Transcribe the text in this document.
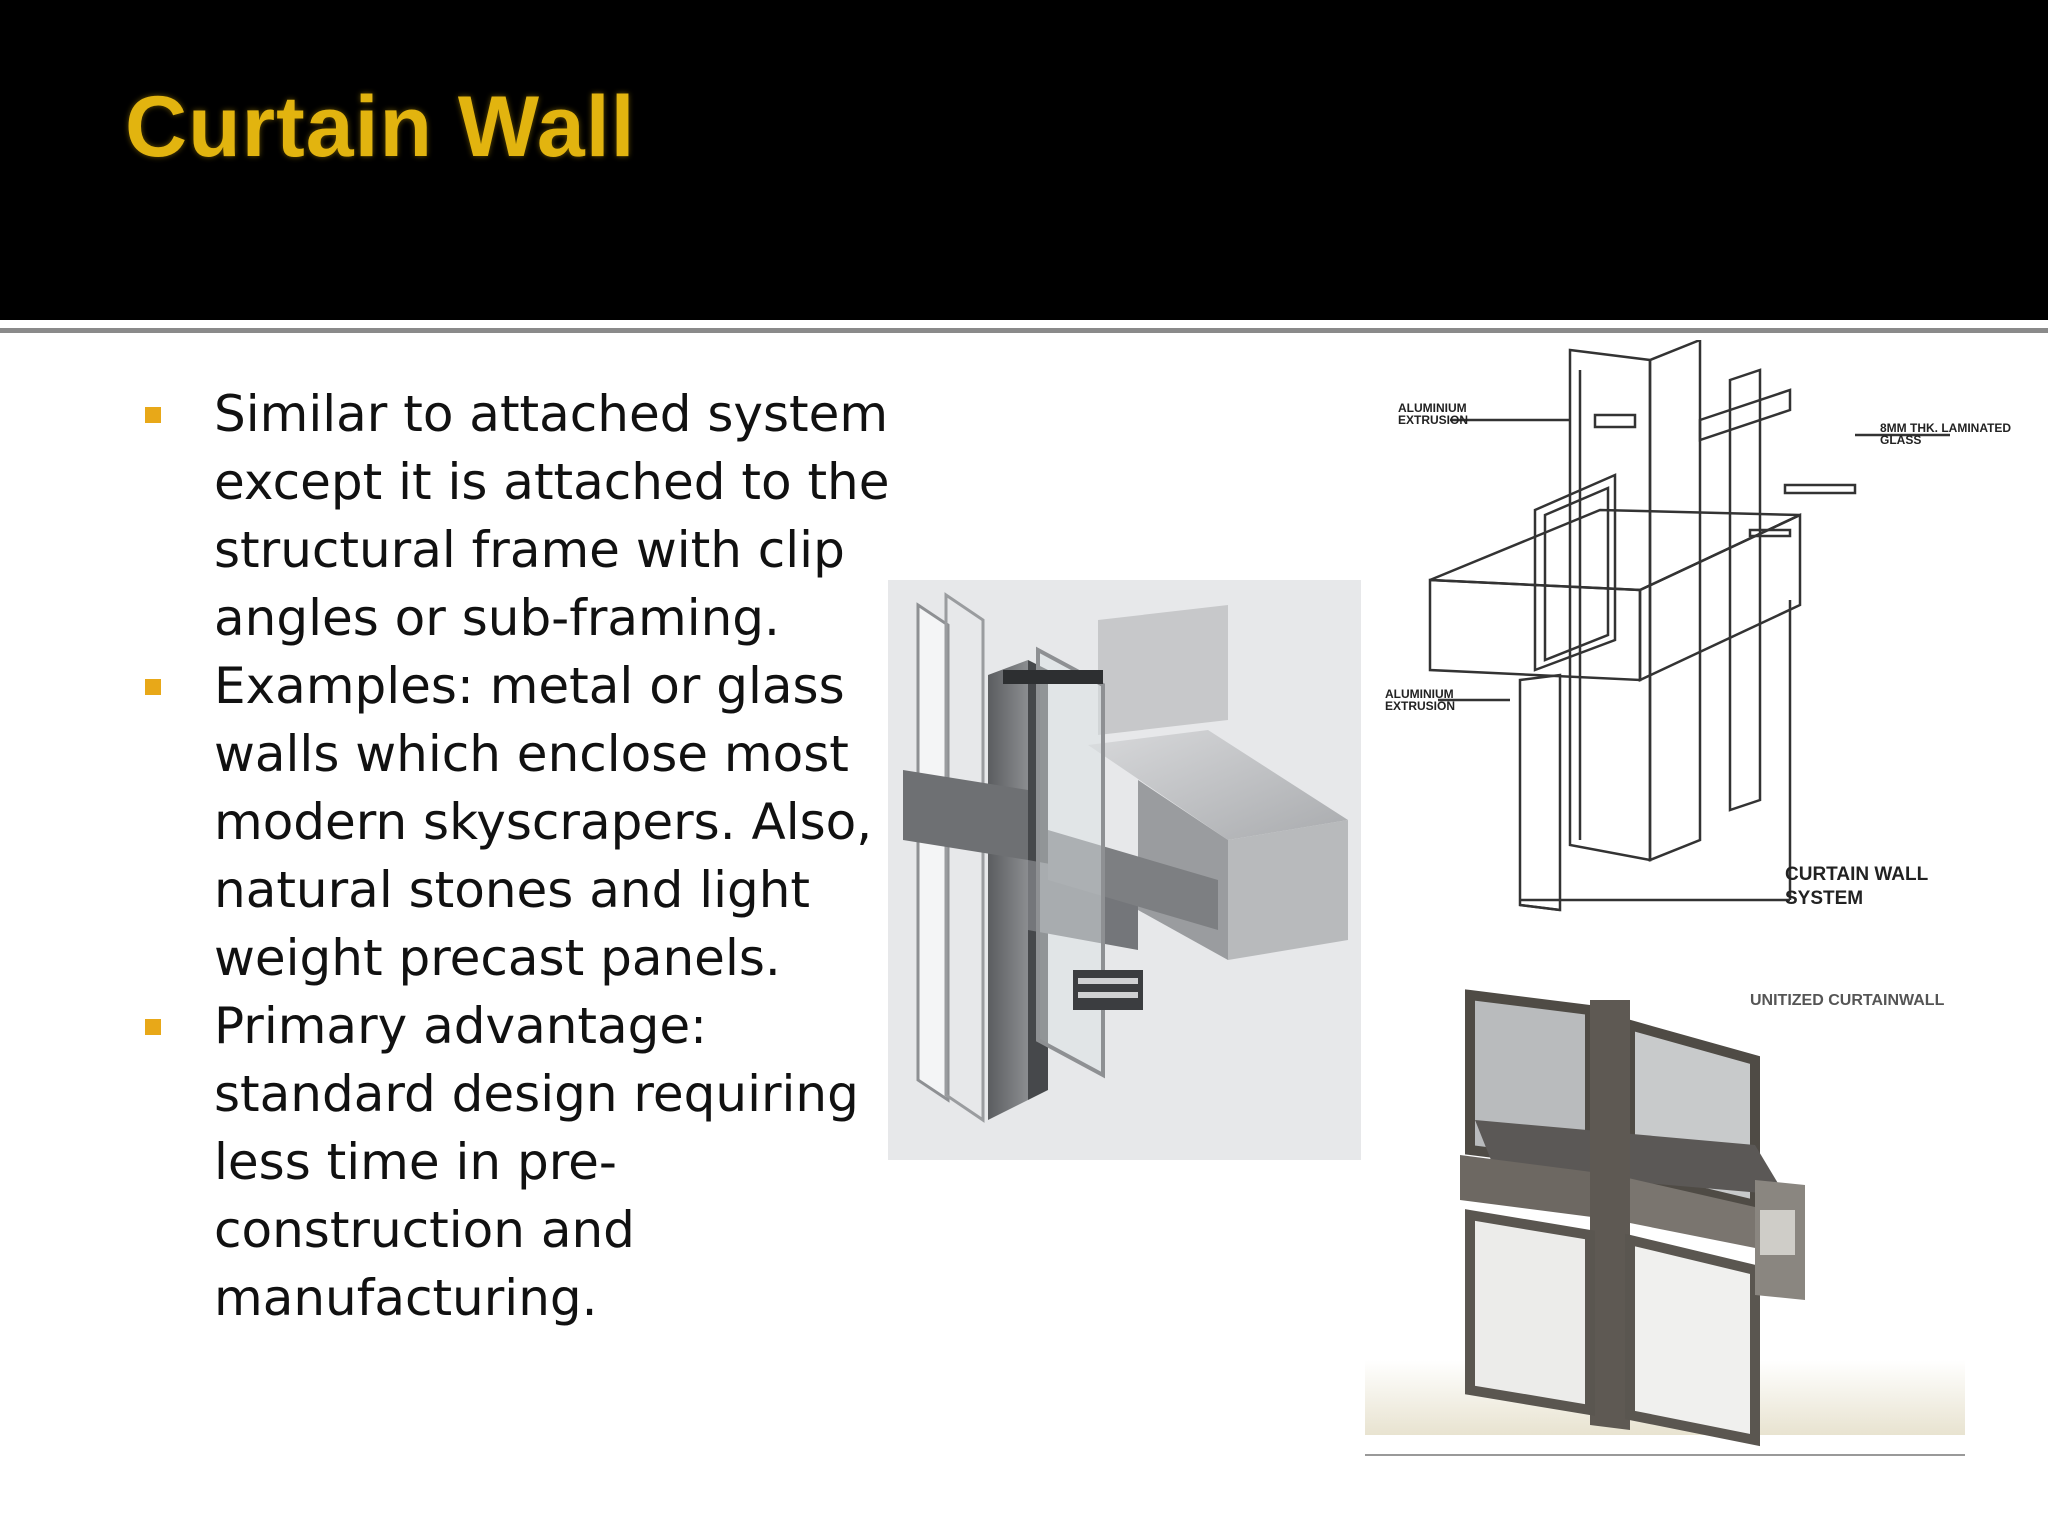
Curtain Wall
Similar to attached system except it is attached to the structural frame with clip angles or sub-framing.
Examples: metal or glass walls which enclose most modern skyscrapers. Also, natural stones and light weight precast panels.
Primary advantage: standard design requiring less time in pre-construction and manufacturing.
ALUMINIUM EXTRUSION
8MM THK. LAMINATED GLASS
ALUMINIUM EXTRUSION
CURTAIN WALL SYSTEM
UNITIZED CURTAINWALL
